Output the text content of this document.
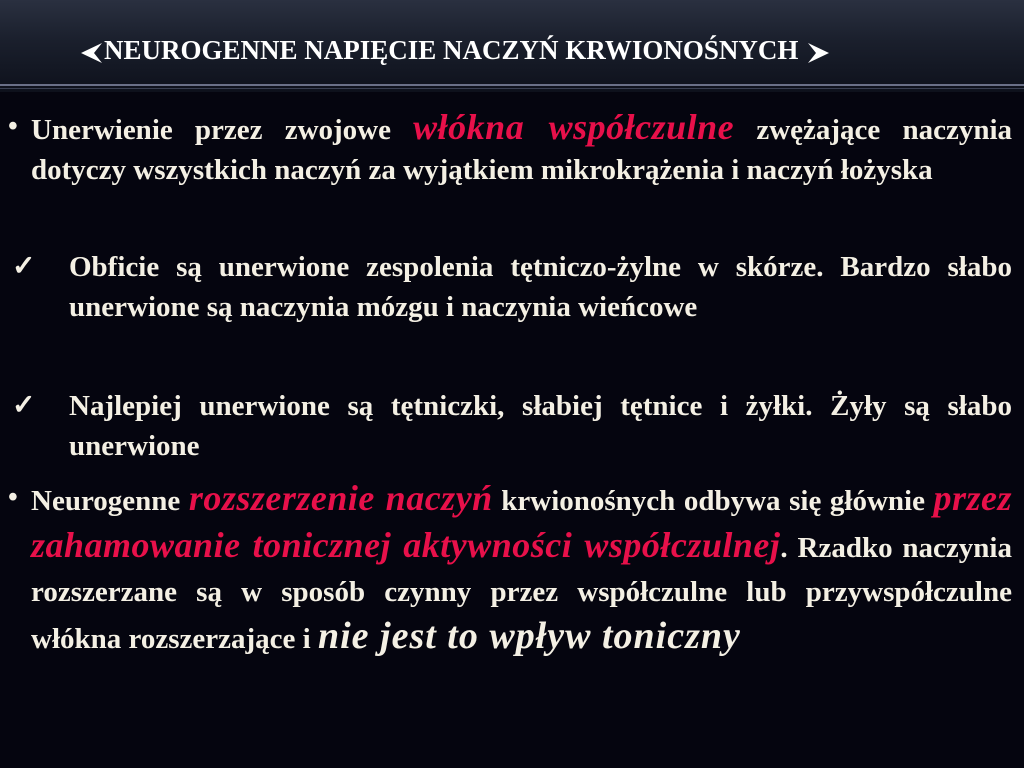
NEUROGENNE NAPIĘCIE NACZYŃ KRWIONOŚNYCH
• Unerwienie przez zwojowe włókna współczulne zwężające naczynia dotyczy wszystkich naczyń za wyjątkiem mikrokrążenia i naczyń łożyska

✓ Obficie są unerwione zespolenia tętniczo-żylne w skórze. Bardzo słabo unerwione są naczynia mózgu i naczynia wieńcowe

✓ Najlepiej unerwione są tętniczki, słabiej tętnice i żyłki. Żyły są słabo unerwione

• Neurogenne rozszerzenie naczyń krwionośnych odbywa się głównie przez zahamowanie tonicznej aktywności współczulnej. Rzadko naczynia rozszerzane są w sposób czynny przez współczulne lub przywspółczulne włókna rozszerzające i nie jest to wpływ toniczny
